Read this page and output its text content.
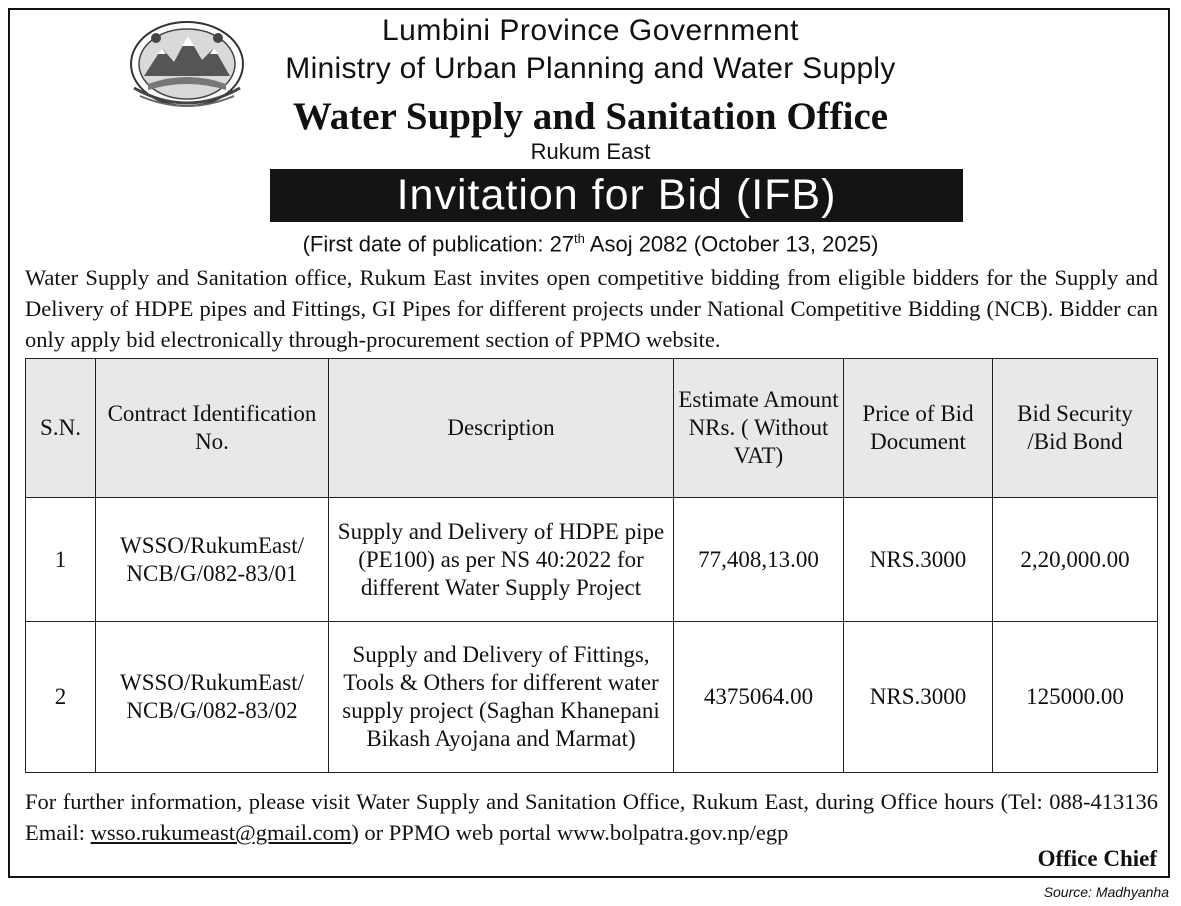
Lumbini Province Government
Ministry of Urban Planning and Water Supply
Water Supply and Sanitation Office
Rukum East
Invitation for Bid (IFB)
(First date of publication: 27th Asoj 2082 (October 13, 2025)
Water Supply and Sanitation office, Rukum East invites open competitive bidding from eligible bidders for the Supply and Delivery of HDPE pipes and Fittings, GI Pipes for different projects under National Competitive Bidding (NCB). Bidder can only apply bid electronically through-procurement section of PPMO website.
S.N.	Contract Identification No.	Description	Estimate Amount NRs. ( Without VAT)	Price of Bid Document	Bid Security /Bid Bond
1	WSSO/RukumEast/ NCB/G/082-83/01	Supply and Delivery of HDPE pipe (PE100) as per NS 40:2022 for different Water Supply Project	77,408,13.00	NRS.3000	2,20,000.00
2	WSSO/RukumEast/ NCB/G/082-83/02	Supply and Delivery of Fittings, Tools & Others for different water supply project (Saghan Khanepani Bikash Ayojana and Marmat)	4375064.00	NRS.3000	125000.00
For further information, please visit Water Supply and Sanitation Office, Rukum East, during Office hours (Tel: 088-413136 Email: wsso.rukumeast@gmail.com) or PPMO web portal www.bolpatra.gov.np/egp
Office Chief
Source: Madhyanha
